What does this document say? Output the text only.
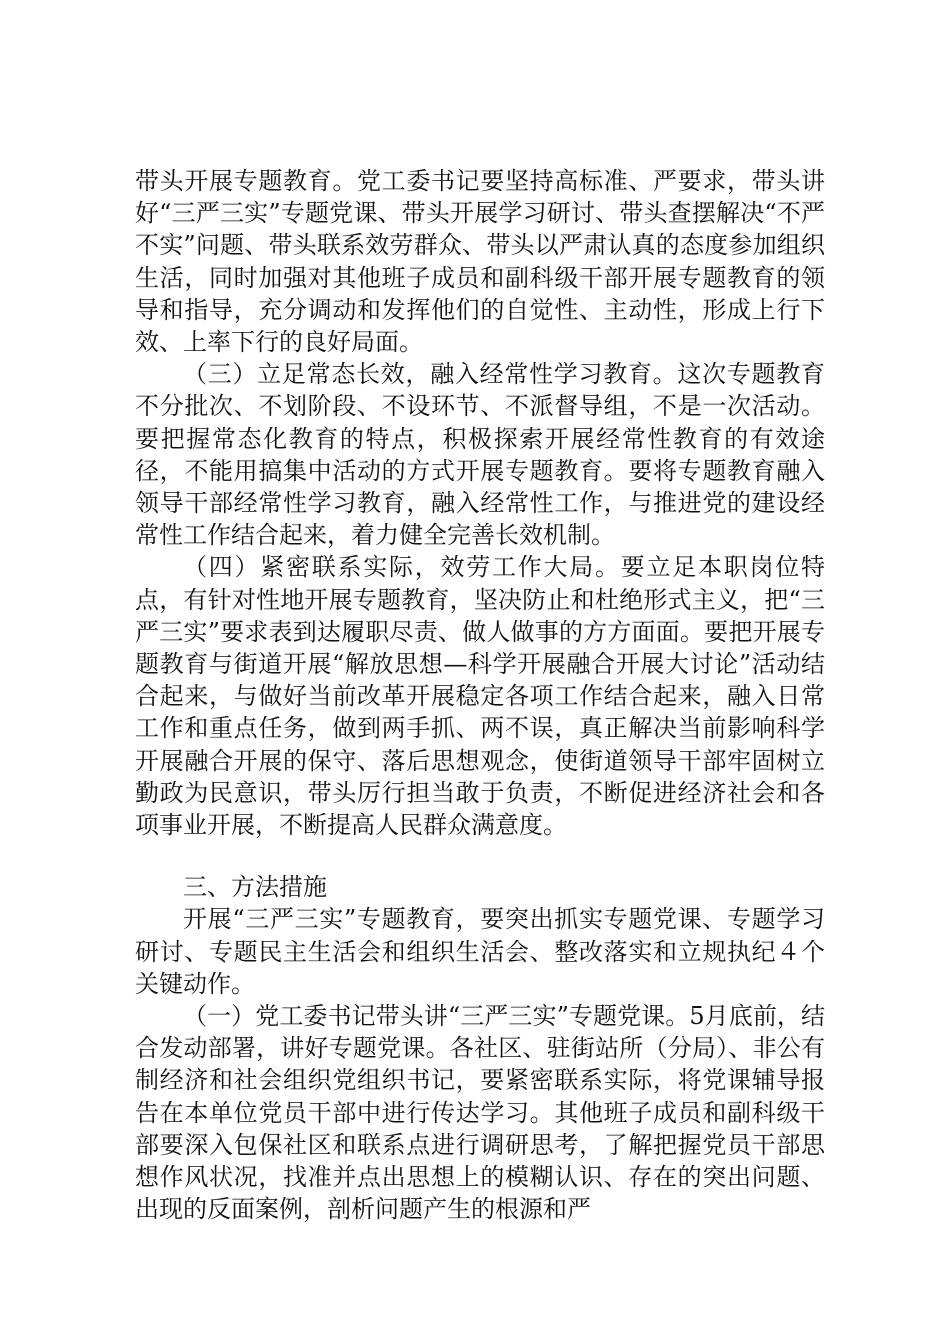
带头开展专题教育。党工委书记要坚持高标准、严要求，带头讲好“三严三实”专题党课、带头开展学习研讨、带头查摆解决“不严不实”问题、带头联系效劳群众、带头以严肃认真的态度参加组织生活，同时加强对其他班子成员和副科级干部开展专题教育的领导和指导，充分调动和发挥他们的自觉性、主动性，形成上行下效、上率下行的良好局面。

（三）立足常态长效，融入经常性学习教育。这次专题教育不分批次、不划阶段、不设环节、不派督导组，不是一次活动。要把握常态化教育的特点，积极探索开展经常性教育的有效途径，不能用搞集中活动的方式开展专题教育。要将专题教育融入领导干部经常性学习教育，融入经常性工作，与推进党的建设经常性工作结合起来，着力健全完善长效机制。

（四）紧密联系实际，效劳工作大局。要立足本职岗位特点，有针对性地开展专题教育，坚决防止和杜绝形式主义，把“三严三实”要求表到达履职尽责、做人做事的方方面面。要把开展专题教育与街道开展“解放思想—科学开展融合开展大讨论”活动结合起来，与做好当前改革开展稳定各项工作结合起来，融入日常工作和重点任务，做到两手抓、两不误，真正解决当前影响科学开展融合开展的保守、落后思想观念，使街道领导干部牢固树立勤政为民意识，带头厉行担当敢于负责，不断促进经济社会和各项事业开展，不断提高人民群众满意度。

三、方法措施

开展“三严三实”专题教育，要突出抓实专题党课、专题学习研讨、专题民主生活会和组织生活会、整改落实和立规执纪４个关键动作。

（一）党工委书记带头讲“三严三实”专题党课。5月底前，结合发动部署，讲好专题党课。各社区、驻街站所（分局）、非公有制经济和社会组织党组织书记，要紧密联系实际，将党课辅导报告在本单位党员干部中进行传达学习。其他班子成员和副科级干部要深入包保社区和联系点进行调研思考，了解把握党员干部思想作风状况，找准并点出思想上的模糊认识、存在的突出问题、出现的反面案例，剖析问题产生的根源和严
